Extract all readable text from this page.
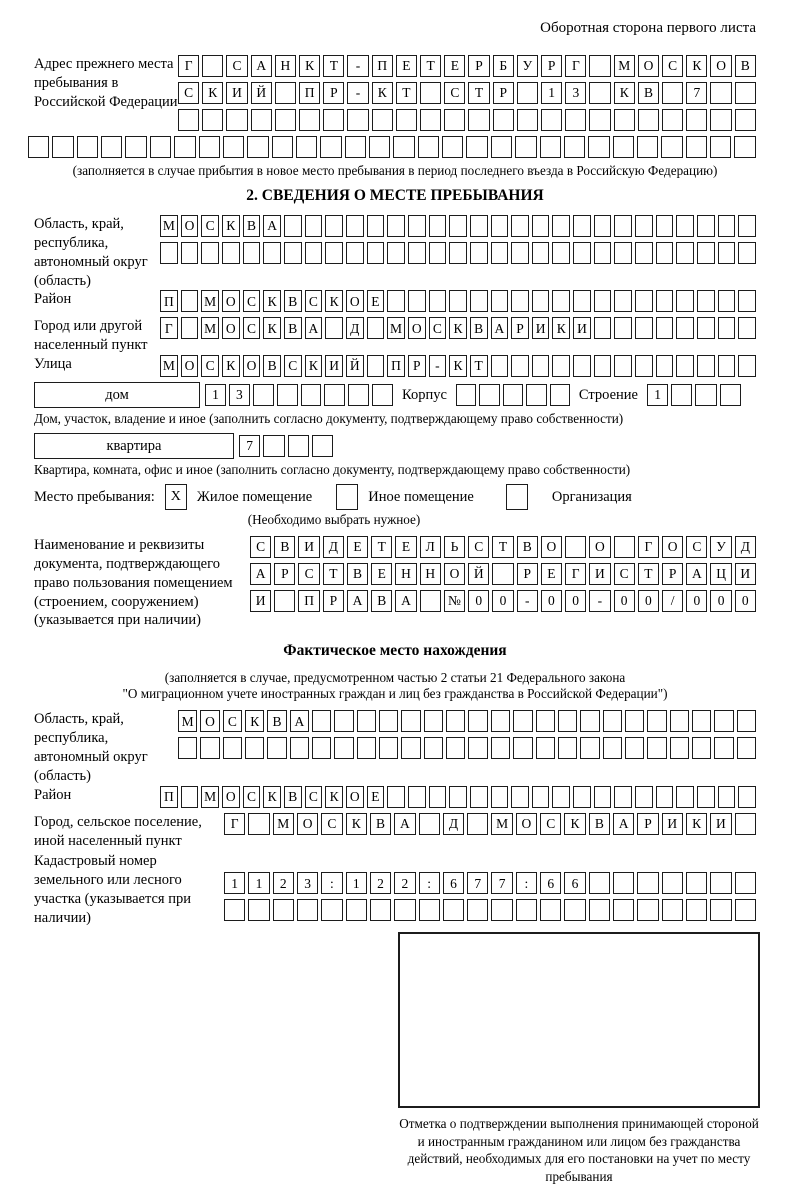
Оборотная сторона первого листа
Адрес прежнего места пребывания в Российской Федерации
Г	С	А	Н	К	Т	-	П	Е	Т	Е	Р	Б	У	Р	Г	М О	С	К	О	В
С	К	И	Й	П	Р	-	К	Т	С	Т	Р	1	3	К	В	7
(заполняется в случае прибытия в новое место пребывания в период последнего въезда в Российскую Федерацию)
2. СВЕДЕНИЯ О МЕСТЕ ПРЕБЫВАНИЯ
Область, край, республика, автономный округ (область)
М О С К В А
Район	П М О С К В С К О Е
Город или другой населенный пункт
Г	М О С К В А	Д	М О С К В А Р И К И
Улица	М О С К О В С К И Й П Р	-	К Т
дом	1	3	Корпус	Строение	1
Дом, участок, владение и иное (заполнить согласно документу, подтверждающему право собственности)
квартира	7
Квартира, комната, офис и иное (заполнить согласно документу, подтверждающему право собственности)
Место пребывания:	X	Жилое помещение	Иное помещение	Организация
(Необходимо выбрать нужное)
Наименование и реквизиты документа, подтверждающего право пользования помещением (строением, сооружением) (указывается при наличии)
С	В	И	Д	Е	Т	Е	Л	Ь	С	Т	В	О	О	Г	О	С	У	Д
А	Р	С	Т	В	Е	Н	Н	О	Й	Р	Е	Г	И	С	Т	Р	А	Ц	И
И	П	Р	А	В	А	№	0	0	-	0	0	-	0	0	/	0	0	0
Фактическое место нахождения
(заполняется в случае, предусмотренном частью 2 статьи 21 Федерального закона
"О миграционном учете иностранных граждан и лиц без гражданства в Российской Федерации")
Область, край, республика, автономный округ (область)
М О С К В А
Район	П М О С К В С К О Е
Город, сельское поселение, иной населенный пункт
Г	М О	С	К	В	А	Д	М О	С	К	В	А	Р	И	К	И
Кадастровый номер земельного или лесного участка (указывается при наличии)
1	1	2	3	:	1	2	2	:	6	7	7	:	6	6
Отметка о подтверждении выполнения принимающей стороной и иностранным гражданином или лицом без гражданства действий, необходимых для его постановки на учет по месту пребывания
